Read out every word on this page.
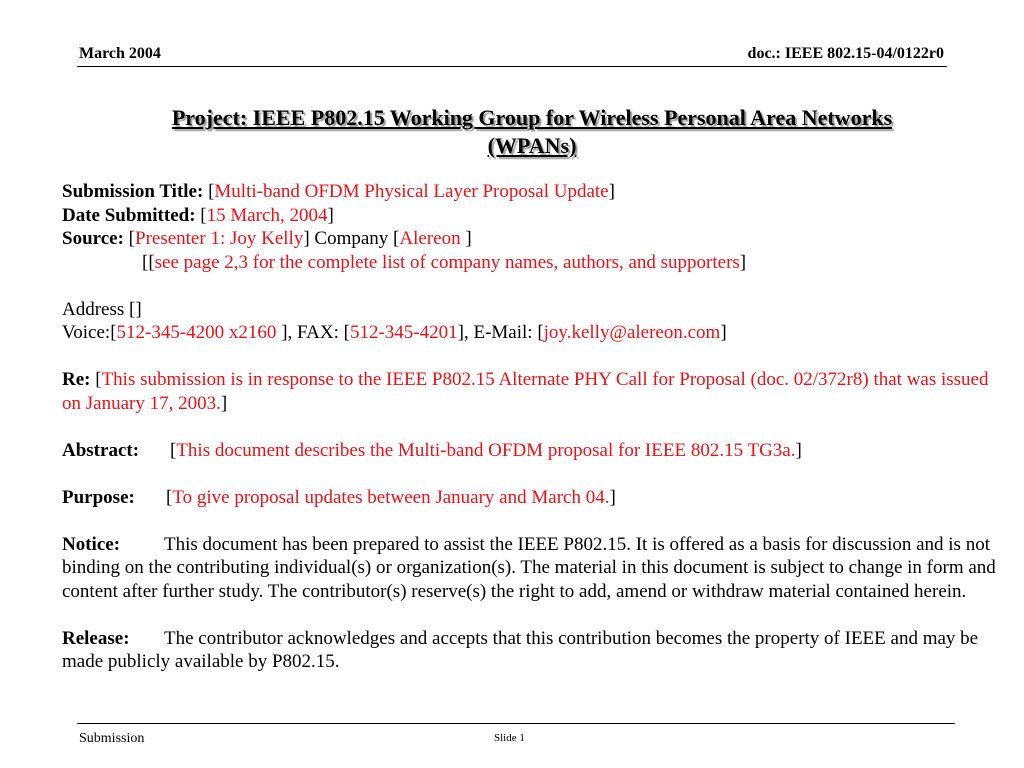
March 2004	doc.: IEEE 802.15-04/0122r0
Project: IEEE P802.15 Working Group for Wireless Personal Area Networks
(WPANs)

Submission Title: [Multi-band OFDM Physical Layer Proposal Update]

Date Submitted: [15 March, 2004]

Source: [Presenter 1: Joy Kelly] Company [Alereon ]

[[see page 2,3 for the complete list of company names, authors, and supporters]

Address []

Voice:[512-345-4200 x2160 ], FAX: [512-345-4201], E-Mail: [joy.kelly@alereon.com]

Re: [This submission is in response to the IEEE P802.15 Alternate PHY Call for Proposal (doc. 02/372r8) that was issued on January 17, 2003.]

Abstract: [This document describes the Multi-band OFDM proposal for IEEE 802.15 TG3a.]

Purpose: [To give proposal updates between January and March 04.]

Notice: This document has been prepared to assist the IEEE P802.15. It is offered as a basis for discussion and is not binding on the contributing individual(s) or organization(s). The material in this document is subject to change in form and content after further study. The contributor(s) reserve(s) the right to add, amend or withdraw material contained herein.

Release: The contributor acknowledges and accepts that this contribution becomes the property of IEEE and may be made publicly available by P802.15.

Submission	Slide 1
